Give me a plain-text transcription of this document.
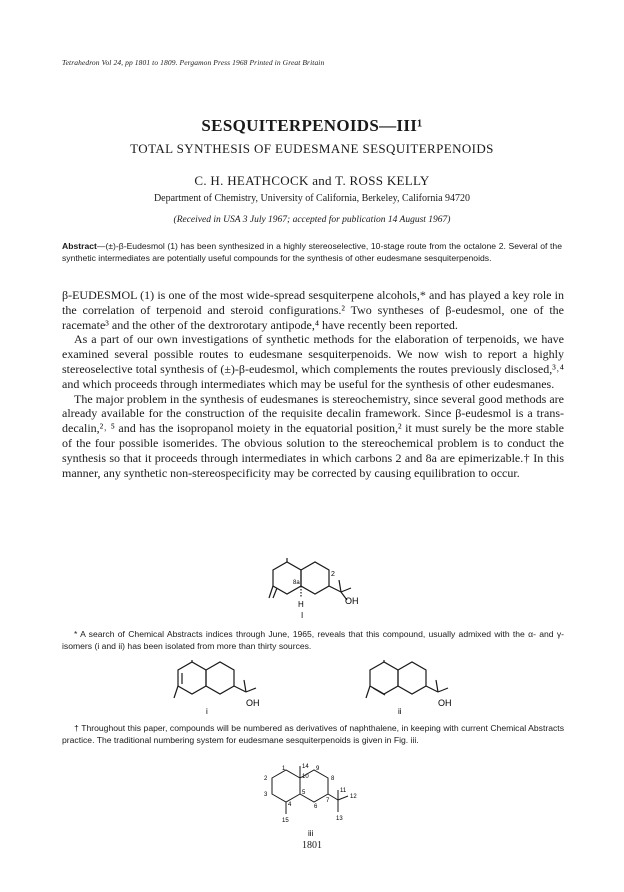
Tetrahedron Vol 24, pp 1801 to 1809. Pergamon Press 1968 Printed in Great Britain
SESQUITERPENOIDS—III¹
TOTAL SYNTHESIS OF EUDESMANE SESQUITERPENOIDS
C. H. HEATHCOCK and T. ROSS KELLY
Department of Chemistry, University of California, Berkeley, California 94720
(Received in USA 3 July 1967; accepted for publication 14 August 1967)
Abstract—(±)-β-Eudesmol (1) has been synthesized in a highly stereoselective, 10-stage route from the octalone 2. Several of the synthetic intermediates are potentially useful compounds for the synthesis of other eudesmane sesquiterpenoids.

β-EUDESMOL (1) is one of the most wide-spread sesquiterpene alcohols,* and has played a key role in the correlation of terpenoid and steroid configurations.² Two syntheses of β-eudesmol, one of the racemate³ and the other of the dextrorotary antipode,⁴ have recently been reported.

As a part of our own investigations of synthetic methods for the elaboration of terpenoids, we have examined several possible routes to eudesmane sesquiterpenoids. We now wish to report a highly stereoselective total synthesis of (±)-β-eudesmol, which complements the routes previously disclosed,³˒⁴ and which proceeds through intermediates which may be useful for the synthesis of other eudesmanes.

The major problem in the synthesis of eudesmanes is stereochemistry, since several good methods are already available for the construction of the requisite decalin framework. Since β-eudesmol is a trans-decalin,²˒ ⁵ and has the isopropanol moiety in the equatorial position,² it must surely be the more stable of the four possible isomerides. The obvious solution to the stereochemical problem is to conduct the synthesis so that it proceeds through intermediates in which carbons 2 and 8a are epimerizable.† In this manner, any synthetic non-stereospecificity may be corrected by causing equilibration to occur.

8a
2
H	OH
I

* A search of Chemical Abstracts indices through June, 1965, reveals that this compound, usually admixed with the α- and γ-isomers (i and ii) has been isolated from more than thirty sources.

OH
i
OH
ii

† Throughout this paper, compounds will be numbered as derivatives of naphthalene, in keeping with current Chemical Abstracts practice. The traditional numbering system for eudesmane sesquiterpenoids is given in Fig. iii.

1	14
10
9
2	8
3	5
4	6
7
12
11
15	13
iii
1801
